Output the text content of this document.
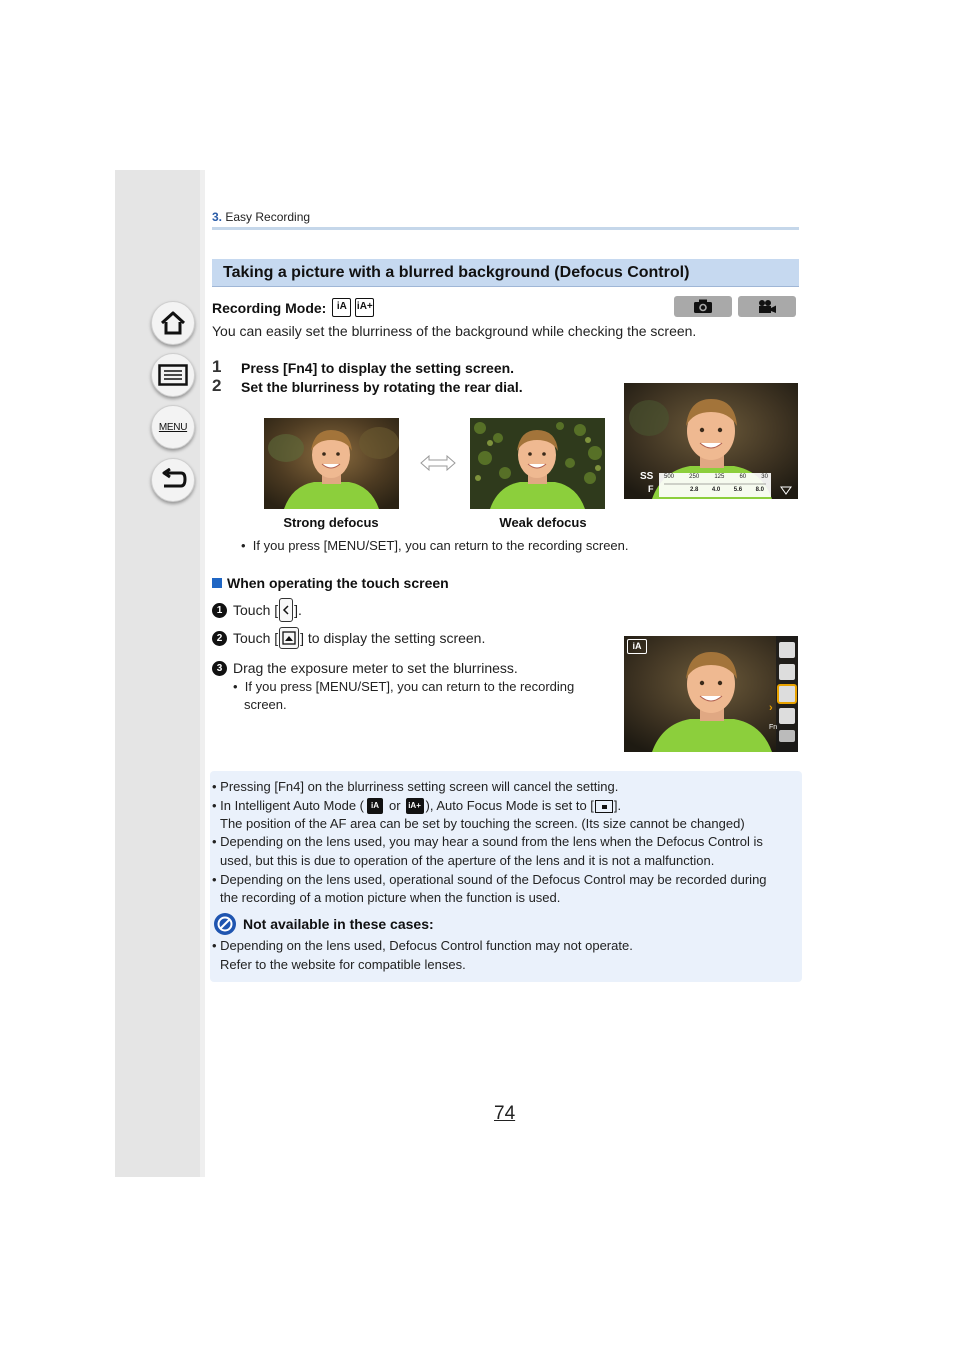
MENU
3. Easy Recording
Taking a picture with a blurred background (Defocus Control)
Recording Mode:	iA	iA+
You can easily set the blurriness of the background while checking the screen.
1 Press [Fn4] to display the setting screen.
2 Set the blurriness by rotating the rear dial.
Strong defocus	Weak defocus
SS
F
500	250	125	60	30
2.8 4.0 5.6 8.0
•  If you press [MENU/SET], you can return to the recording screen.
When operating the touch screen
1 Touch [ ].
2 Touch [ ] to display the setting screen.
3 Drag the exposure meter to set the blurriness.
•  If you press [MENU/SET], you can return to the recording
screen.
iA
›
Fn
• Pressing [Fn4] on the blurriness setting screen will cancel the setting.
• In Intelligent Auto Mode ( iA or iA+ ), Auto Focus Mode is set to [ ].
The position of the AF area can be set by touching the screen. (Its size cannot be changed)
• Depending on the lens used, you may hear a sound from the lens when the Defocus Control is
used, but this is due to operation of the aperture of the lens and it is not a malfunction.
• Depending on the lens used, operational sound of the Defocus Control may be recorded during
the recording of a motion picture when the function is used.
Not available in these cases:
• Depending on the lens used, Defocus Control function may not operate.
Refer to the website for compatible lenses.
74
